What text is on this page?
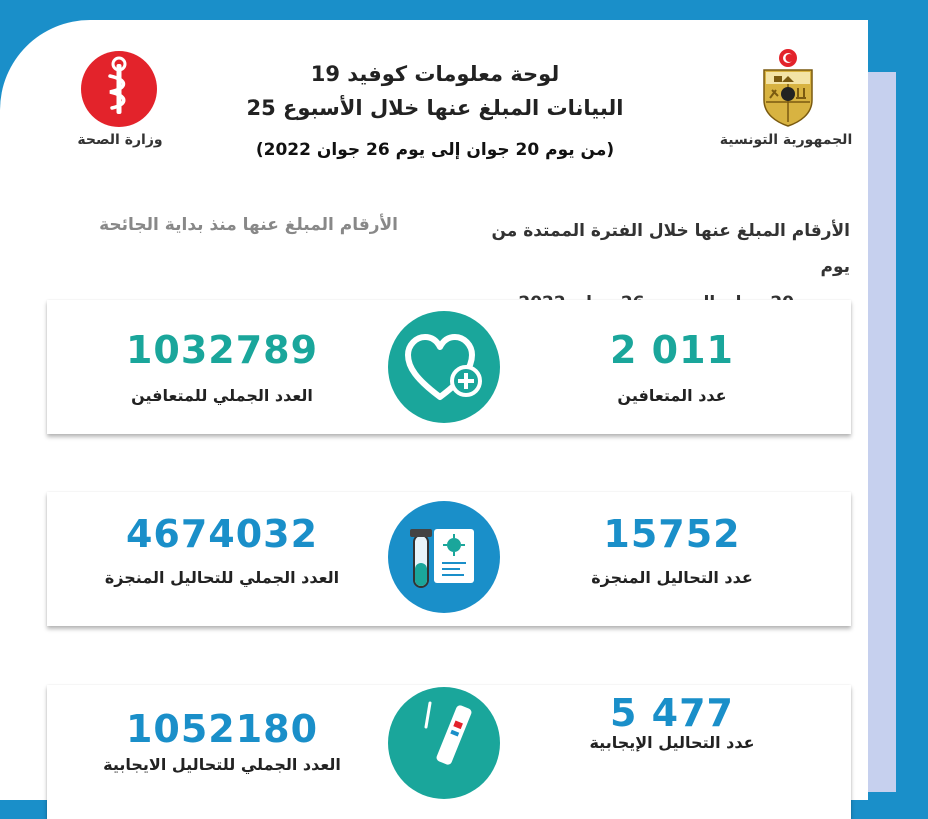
لوحة معلومات كوفيد 19
البيانات المبلغ عنها خلال الأسبوع 25
(من يوم 20 جوان إلى يوم 26 جوان 2022)
وزارة الصحة	الجمهورية التونسية
الأرقام المبلغ عنها خلال الفترة الممتدة من يوم
الأرقام المبلغ عنها منذ بداية الجائحة
1032789
العدد الجملي للمتعافين
2 011
عدد المتعافين
4674032
العدد الجملي للتحاليل المنجزة
15752
عدد التحاليل المنجزة
1052180
العدد الجملي للتحاليل الايجابية
5 477
عدد التحاليل الإيجابية
